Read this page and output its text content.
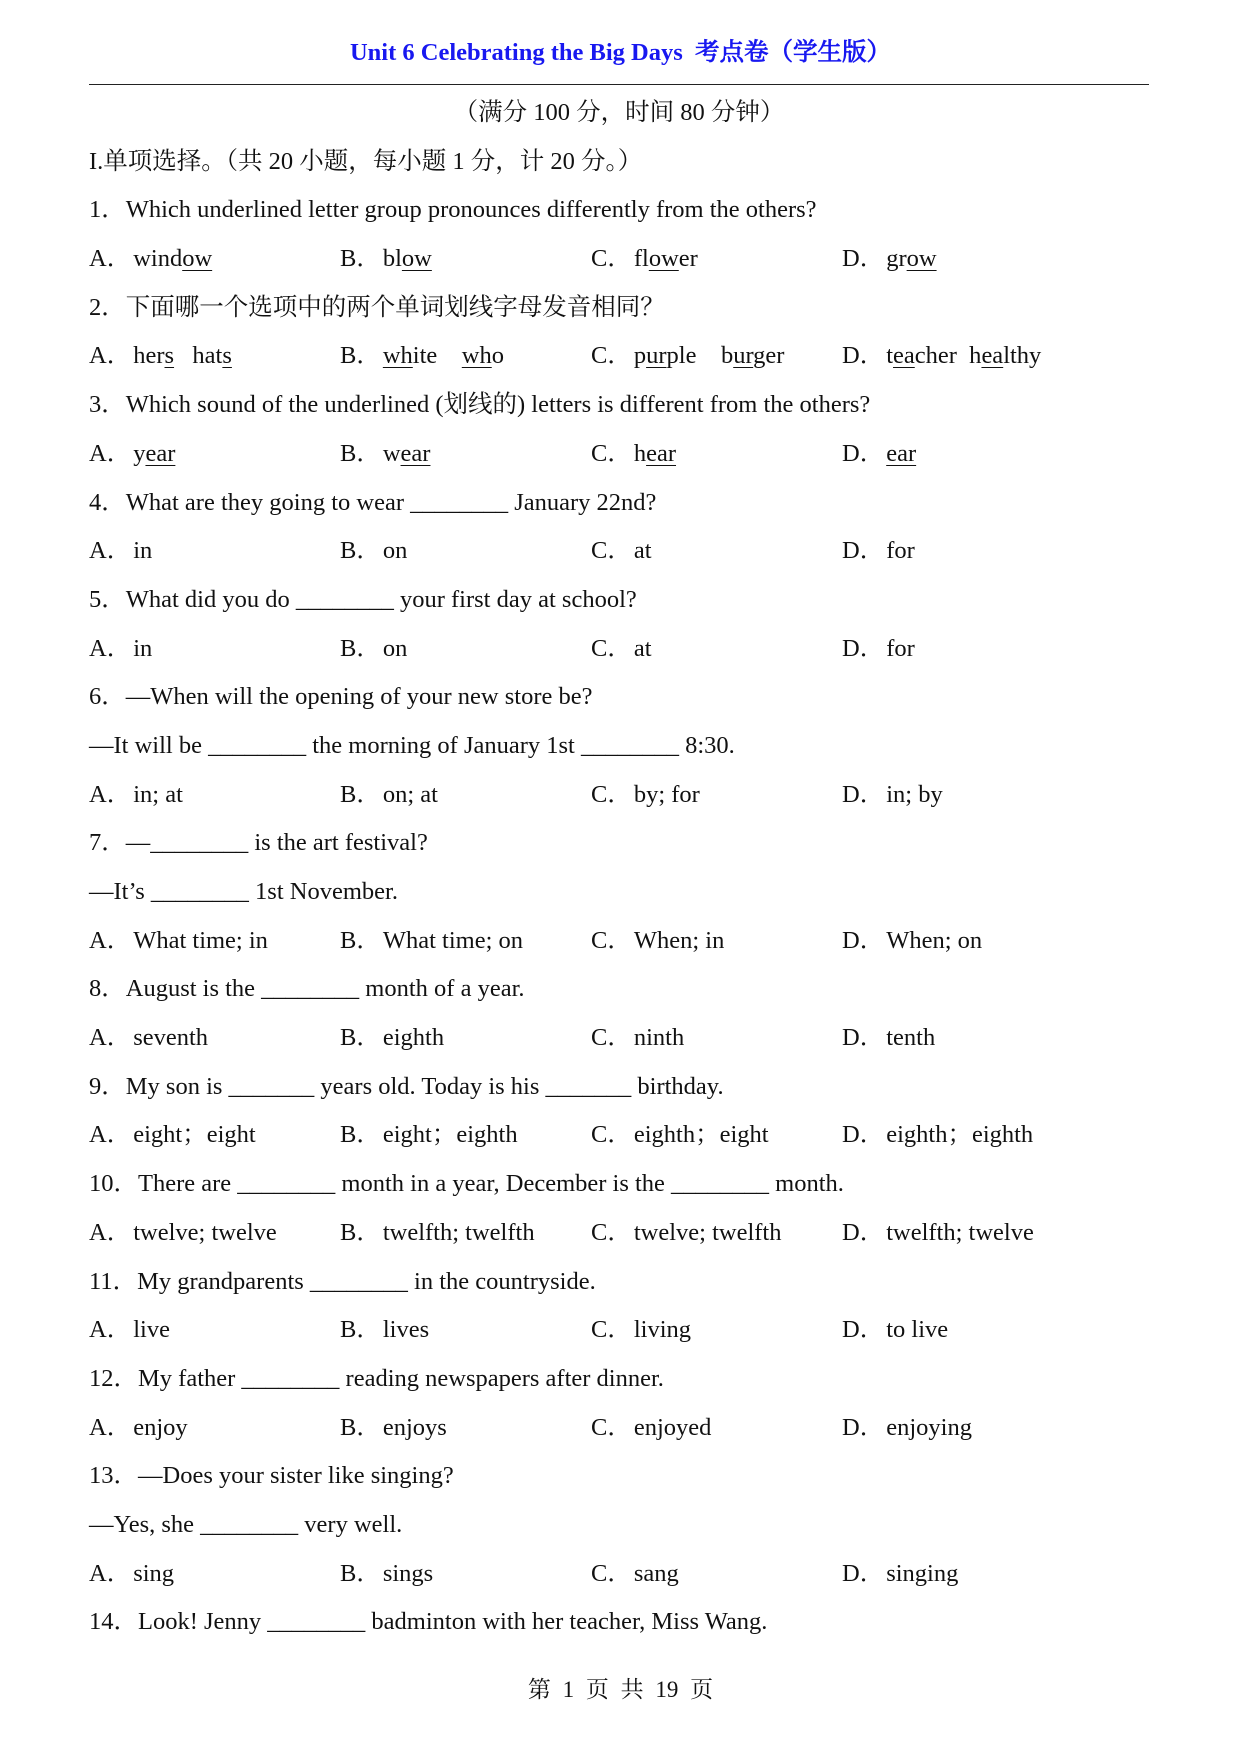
Unit 6 Celebrating the Big Days  考点卷（学生版）
（满分 100 分，时间 80 分钟）
I.单项选择。（共 20 小题，每小题 1 分，计 20 分。）
1．Which underlined letter group pronounces differently from the others?
A．window	B．blow	C．flower	D．grow
2．下面哪一个选项中的两个单词划线字母发音相同？
A．hers   hats	B．white    who	C．purple    burger	D．teacher  healthy
3．Which sound of the underlined (划线的) letters is different from the others?
A．year	B．wear	C．hear	D．ear
4．What are they going to wear ________ January 22nd?
A．in	B．on	C．at	D．for
5．What did you do ________ your first day at school?
A．in	B．on	C．at	D．for
6．—When will the opening of your new store be?
—It will be ________ the morning of January 1st ________ 8:30.
A．in; at	B．on; at	C．by; for	D．in; by
7．—________ is the art festival?
—It’s ________ 1st November.
A．What time; in	B．What time; on	C．When; in	D．When; on
8．August is the ________ month of a year.
A．seventh	B．eighth	C．ninth	D．tenth
9．My son is _______ years old. Today is his _______ birthday.
A．eight；eight	B．eight；eighth	C．eighth；eight	D．eighth；eighth
10．There are ________ month in a year, December is the ________ month.
A．twelve; twelve	B．twelfth; twelfth	C．twelve; twelfth	D．twelfth; twelve
11．My grandparents ________ in the countryside.
A．live	B．lives	C．living	D．to live
12．My father ________ reading newspapers after dinner.
A．enjoy	B．enjoys	C．enjoyed	D．enjoying
13．—Does your sister like singing?
—Yes, she ________ very well.
A．sing	B．sings	C．sang	D．singing
14．Look! Jenny ________ badminton with her teacher, Miss Wang.
第 1 页 共 19 页
